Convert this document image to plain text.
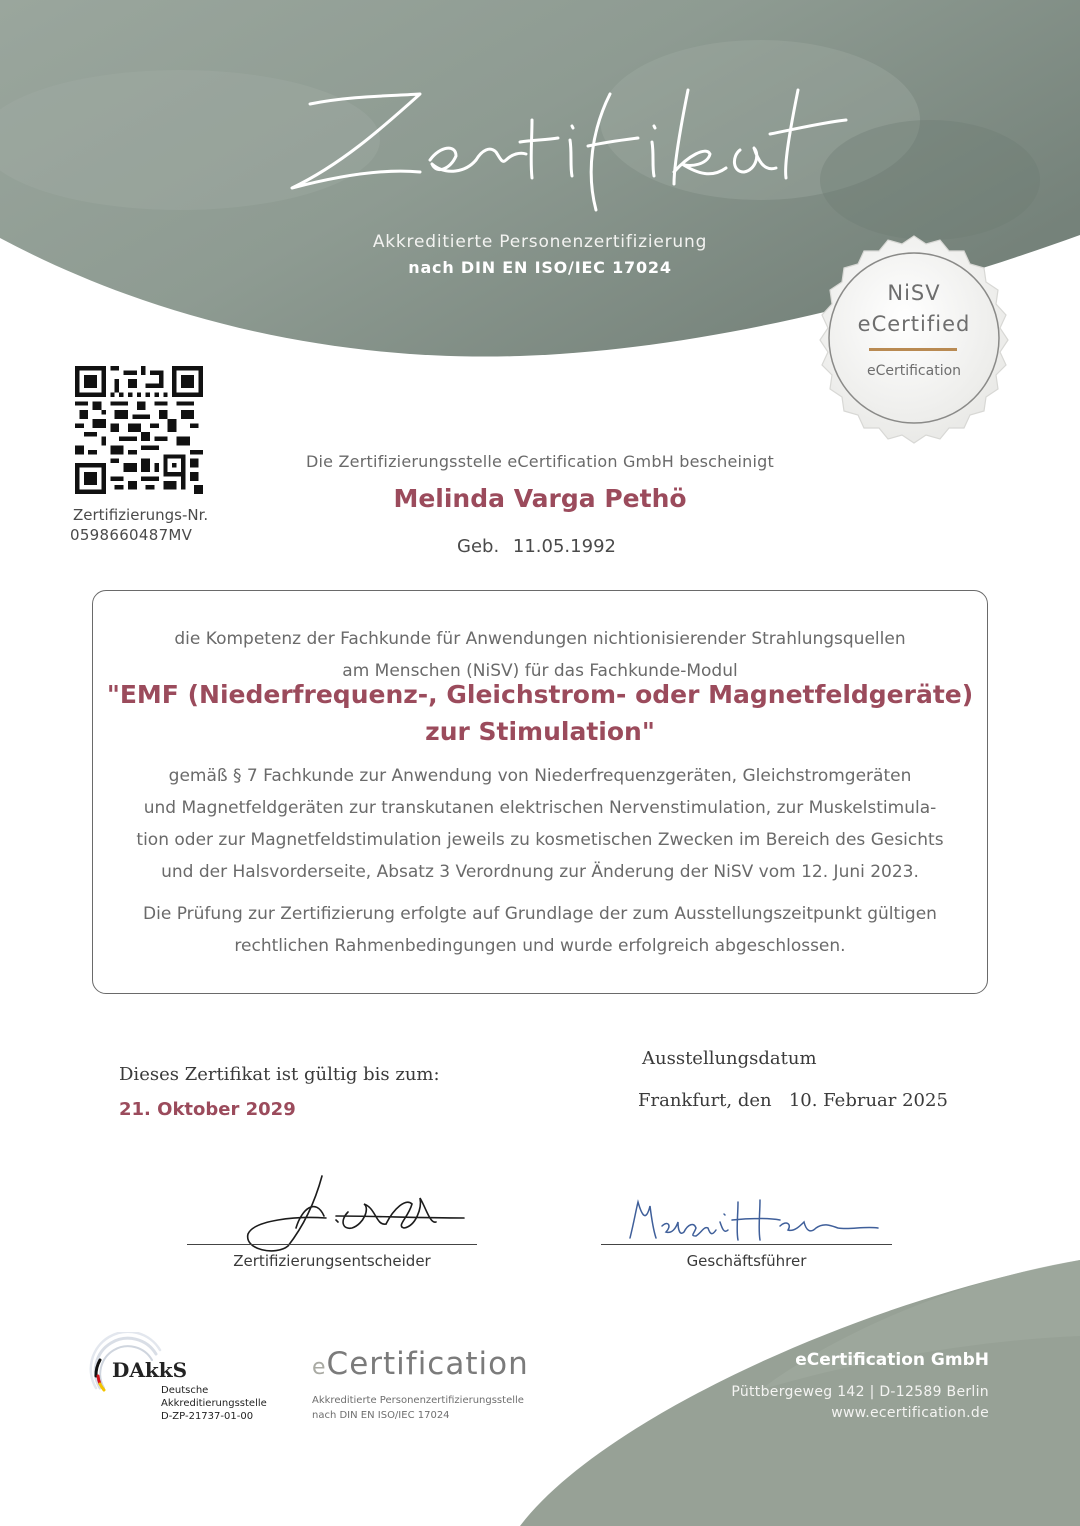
Akkreditierte Personenzertifizierung
nach DIN EN ISO/IEC 17024
NiSV
eCertified
eCertification
Zertifizierungs-Nr.
0598660487MV
Die Zertifizierungsstelle eCertification GmbH bescheinigt
Melinda Varga Pethö
Geb. 11.05.1992
die Kompetenz der Fachkunde für Anwendungen nichtionisierender Strahlungsquellen
am Menschen (NiSV) für das Fachkunde-Modul
"EMF (Niederfrequenz-, Gleichstrom- oder Magnetfeldgeräte)
zur Stimulation"
gemäß § 7 Fachkunde zur Anwendung von Niederfrequenzgeräten, Gleichstromgeräten
und Magnetfeldgeräten zur transkutanen elektrischen Nervenstimulation, zur Muskelstimula-
tion oder zur Magnetfeldstimulation jeweils zu kosmetischen Zwecken im Bereich des Gesichts
und der Halsvorderseite, Absatz 3 Verordnung zur Änderung der NiSV vom 12. Juni 2023.
Die Prüfung zur Zertifizierung erfolgte auf Grundlage der zum Ausstellungszeitpunkt gültigen
rechtlichen Rahmenbedingungen und wurde erfolgreich abgeschlossen.
Dieses Zertifikat ist gültig bis zum:
21. Oktober 2029
Ausstellungsdatum
Frankfurt, den 10. Februar 2025
Zertifizierungsentscheider	Geschäftsführer
DAkkS
Deutsche
Akkreditierungsstelle
D-ZP-21737-01-00
eCertification
Akkreditierte Personenzertifizierungsstelle
nach DIN EN ISO/IEC 17024
eCertification GmbH
Püttbergeweg 142 | D-12589 Berlin
www.ecertification.de
